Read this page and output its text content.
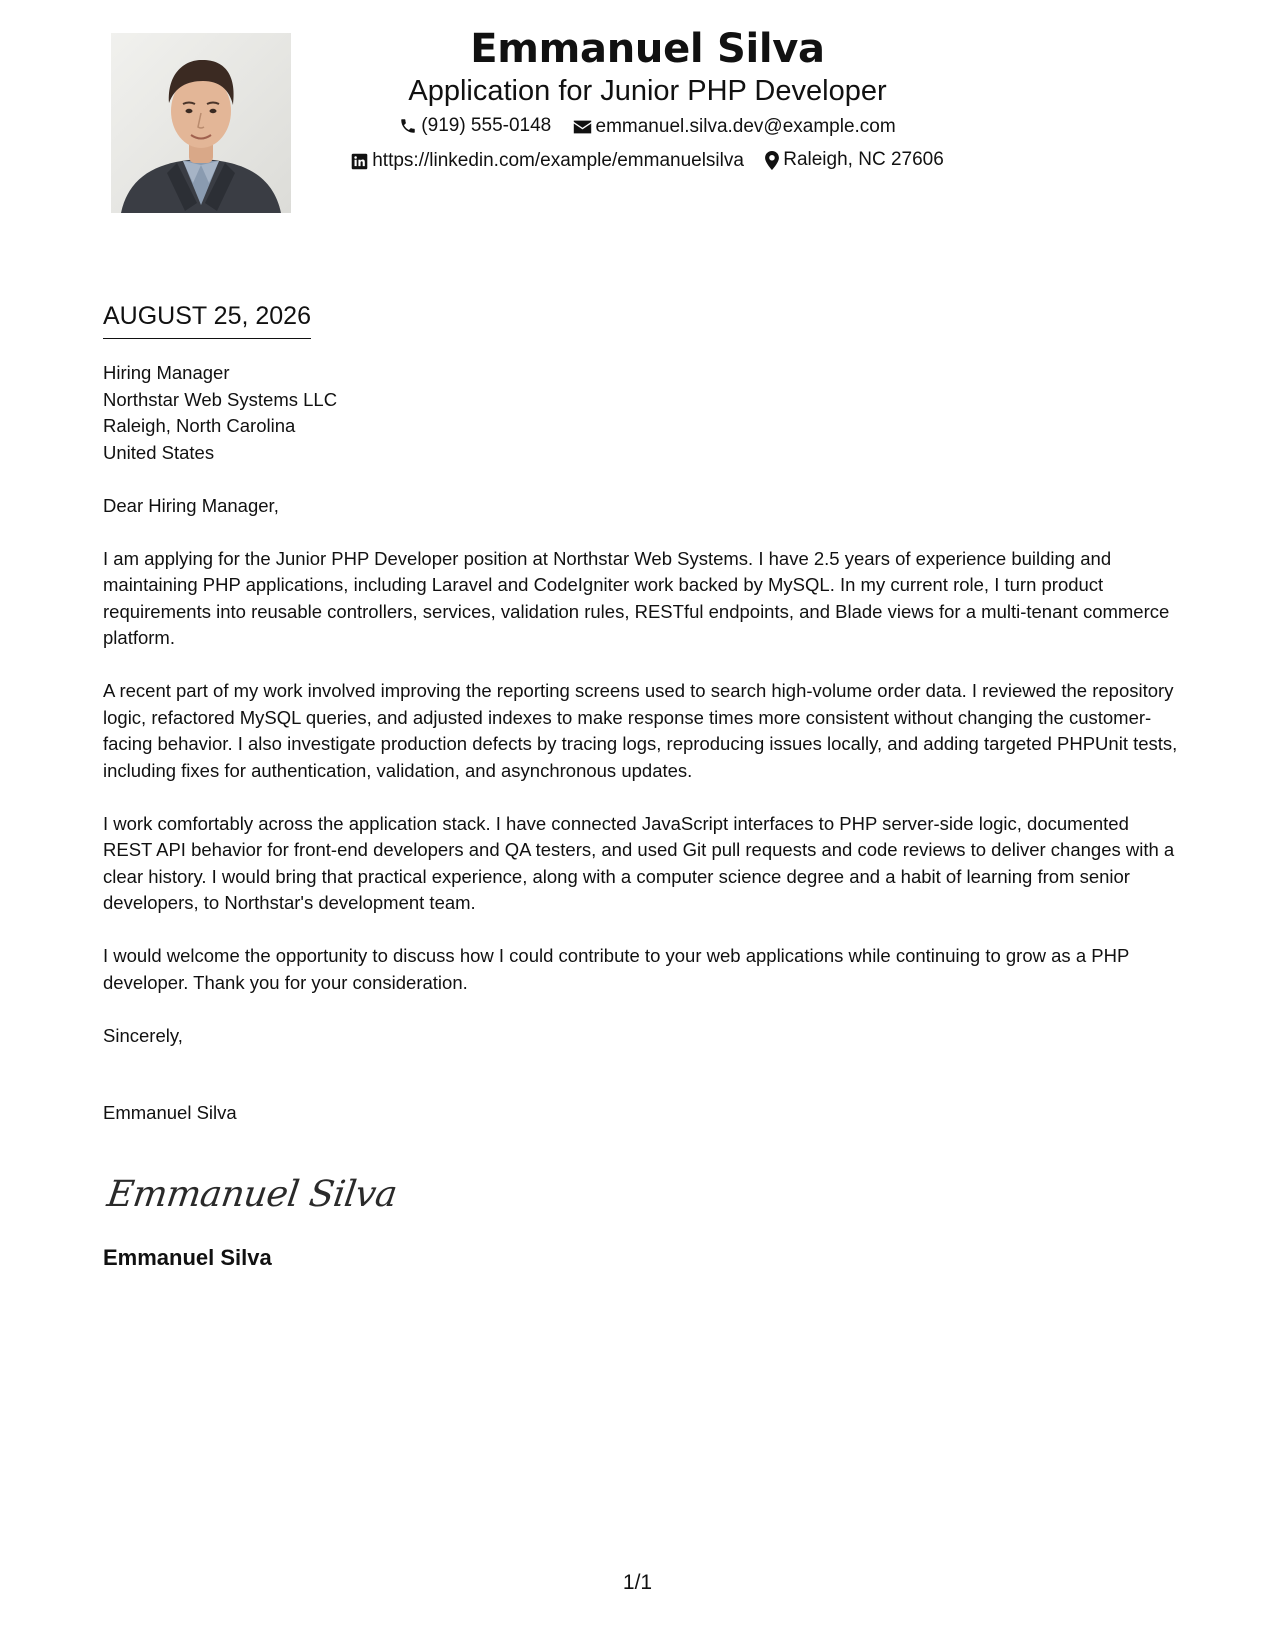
Emmanuel Silva
Application for Junior PHP Developer
(919) 555-0148
emmanuel.silva.dev@example.com
https://linkedin.com/example/emmanuelsilva
Raleigh, NC 27606
AUGUST 25, 2026
Hiring Manager
Northstar Web Systems LLC
Raleigh, North Carolina
United States

Dear Hiring Manager,

I am applying for the Junior PHP Developer position at Northstar Web Systems. I have 2.5 years of experience building and maintaining PHP applications, including Laravel and CodeIgniter work backed by MySQL. In my current role, I turn product requirements into reusable controllers, services, validation rules, RESTful endpoints, and Blade views for a multi-tenant commerce platform.

A recent part of my work involved improving the reporting screens used to search high-volume order data. I reviewed the repository logic, refactored MySQL queries, and adjusted indexes to make response times more consistent without changing the customer-facing behavior. I also investigate production defects by tracing logs, reproducing issues locally, and adding targeted PHPUnit tests, including fixes for authentication, validation, and asynchronous updates.

I work comfortably across the application stack. I have connected JavaScript interfaces to PHP server-side logic, documented REST API behavior for front-end developers and QA testers, and used Git pull requests and code reviews to deliver changes with a clear history. I would bring that practical experience, along with a computer science degree and a habit of learning from senior developers, to Northstar's development team.

I would welcome the opportunity to discuss how I could contribute to your web applications while continuing to grow as a PHP developer. Thank you for your consideration.

Sincerely,

Emmanuel Silva
Emmanuel Silva
Emmanuel Silva
1/1
